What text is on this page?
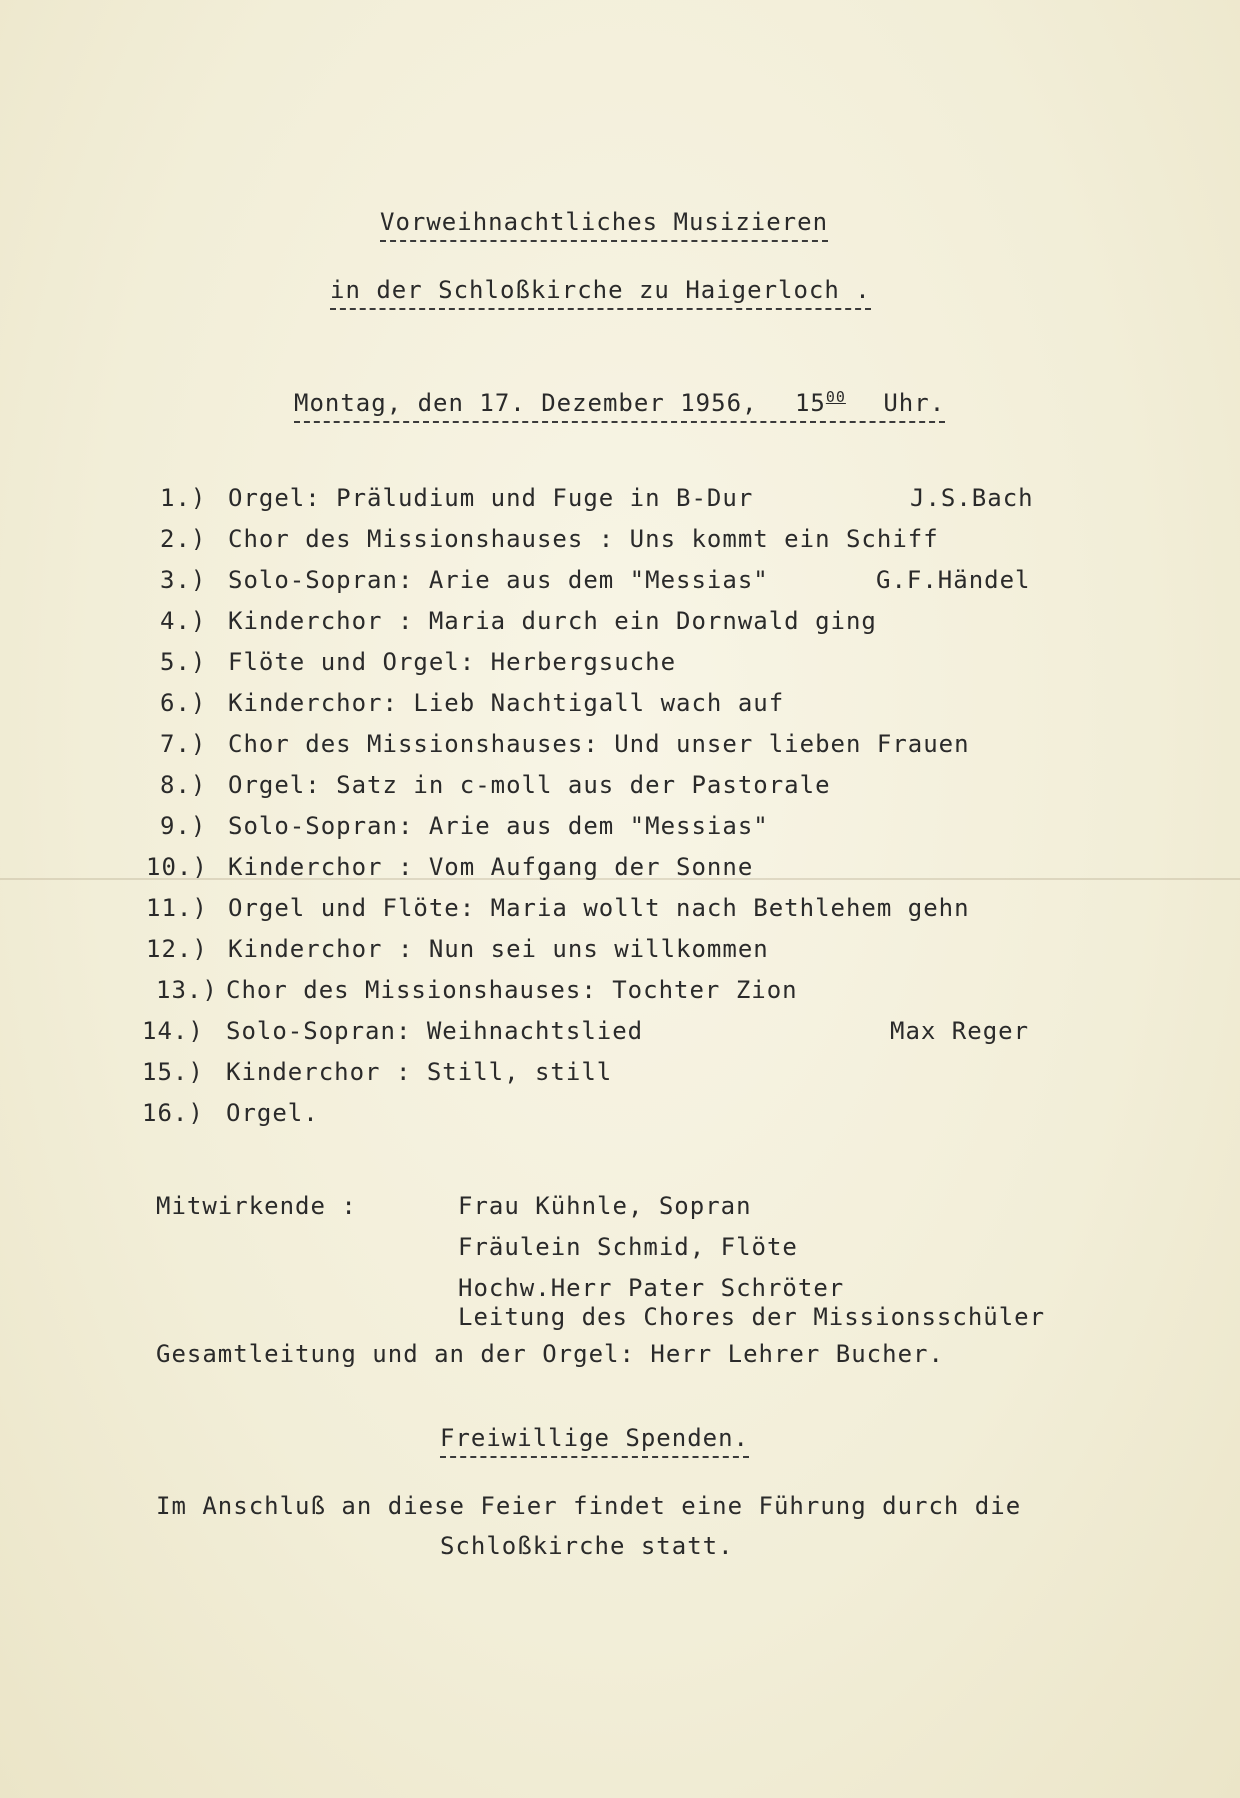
Vorweihnachtliches Musizieren
in der Schloßkirche zu Haigerloch .
Montag, den 17. Dezember 1956, $15^{00}$ Uhr.
1.) Orgel: Präludium und Fuge in B-Dur	J.S.Bach
2.) Chor des Missionshauses : Uns kommt ein Schiff
3.) Solo-Sopran: Arie aus dem "Messias"	G.F.Händel
4.) Kinderchor : Maria durch ein Dornwald ging
5.) Flöte und Orgel: Herbergsuche
6.) Kinderchor: Lieb Nachtigall wach auf
7.) Chor des Missionshauses: Und unser lieben Frauen
8.) Orgel: Satz in c-moll aus der Pastorale
9.) Solo-Sopran: Arie aus dem "Messias"
10.) Kinderchor : Vom Aufgang der Sonne
11.) Orgel und Flöte: Maria wollt nach Bethlehem gehn
12.) Kinderchor : Nun sei uns willkommen
13.) Chor des Missionshauses: Tochter Zion
14.) Solo-Sopran: Weihnachtslied	Max Reger
15.) Kinderchor : Still, still
16.) Orgel.
Mitwirkende :	Frau Kühnle, Sopran
Fräulein Schmid, Flöte
Hochw.Herr Pater Schröter
Leitung des Chores der Missionsschüler
Gesamtleitung und an der Orgel: Herr Lehrer Bucher.
Freiwillige Spenden.
Im Anschluß an diese Feier findet eine Führung durch die
Schloßkirche statt.
